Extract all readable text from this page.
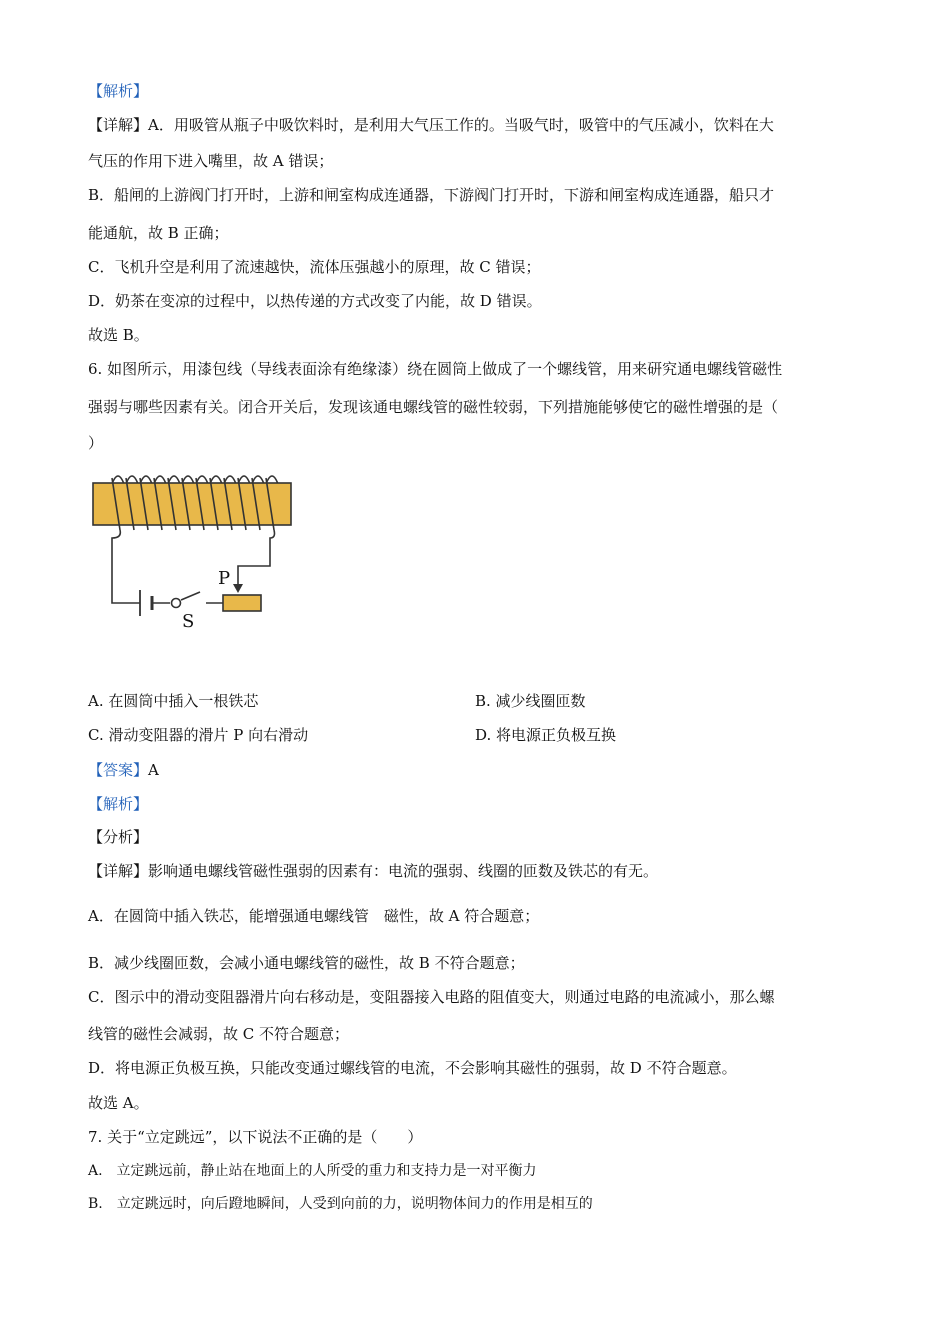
【解析】
【详解】A．用吸管从瓶子中吸饮料时，是利用大气压工作的。当吸气时，吸管中的气压减小，饮料在大
气压的作用下进入嘴里，故 A 错误；
B．船闸的上游阀门打开时，上游和闸室构成连通器，下游阀门打开时，下游和闸室构成连通器，船只才
能通航，故 B 正确；
C．飞机升空是利用了流速越快，流体压强越小的原理，故 C 错误；
D．奶茶在变凉的过程中，以热传递的方式改变了内能，故 D 错误。
故选 B。
6. 如图所示，用漆包线（导线表面涂有绝缘漆）绕在圆筒上做成了一个螺线管，用来研究通电螺线管磁性
强弱与哪些因素有关。闭合开关后，发现该通电螺线管的磁性较弱，下列措施能够使它的磁性增强的是（
）
P
S
A. 在圆筒中插入一根铁芯	B. 减少线圈匝数
C. 滑动变阻器的滑片 P 向右滑动	D. 将电源正负极互换
【答案】A
【解析】
【分析】
【详解】影响通电螺线管磁性强弱的因素有：电流的强弱、线圈的匝数及铁芯的有无。
A．在圆筒中插入铁芯，能增强通电螺线管　磁性，故 A 符合题意；
B．减少线圈匝数，会减小通电螺线管的磁性，故 B 不符合题意；
C．图示中的滑动变阻器滑片向右移动是，变阻器接入电路的阻值变大，则通过电路的电流减小，那么螺
线管的磁性会减弱，故 C 不符合题意；
D．将电源正负极互换，只能改变通过螺线管的电流，不会影响其磁性的强弱，故 D 不符合题意。
故选 A。
7. 关于“立定跳远”，以下说法不正确的是（　　）
A.　立定跳远前，静止站在地面上的人所受的重力和支持力是一对平衡力
B.　立定跳远时，向后蹬地瞬间，人受到向前的力，说明物体间力的作用是相互的
